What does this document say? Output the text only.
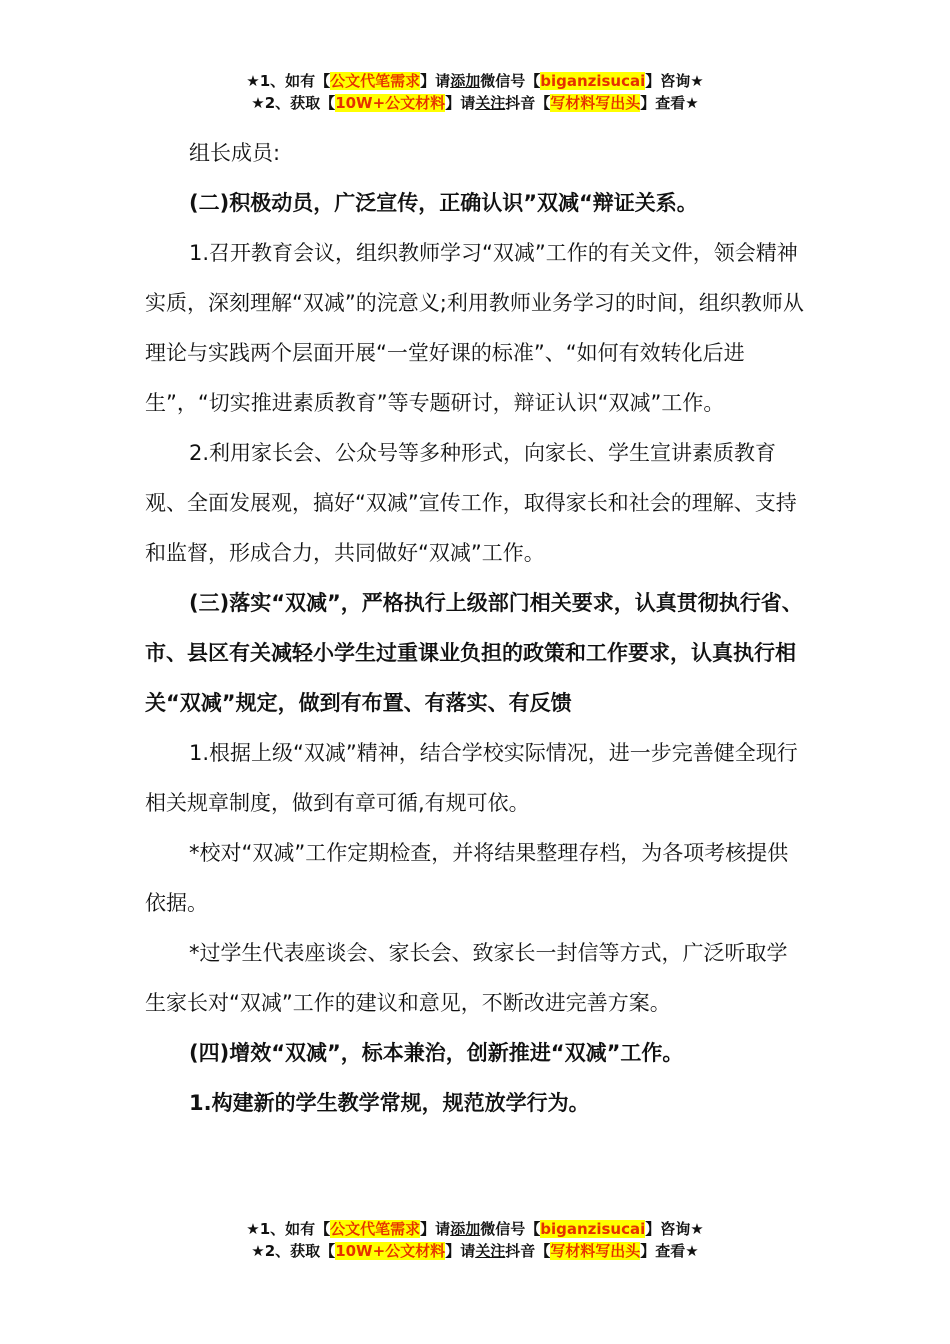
★1、如有【公文代笔需求】请添加微信号【biganzisucai】咨询★
★2、获取【10W+公文材料】请关注抖音【写材料写出头】查看★

组长成员:

(二)积极动员，广泛宣传，正确认识”双减“辩证关系。

1.召开教育会议，组织教师学习“双减”工作的有关文件，领会精神实质，深刻理解“双减”的浣意义;利用教师业务学习的时间，组织教师从理论与实践两个层面开展“一堂好课的标准”、“如何有效转化后进生”，“切实推进素质教育”等专题研讨，辩证认识“双减”工作。

2.利用家长会、公众号等多种形式，向家长、学生宣讲素质教育观、全面发展观，搞好“双减”宣传工作，取得家长和社会的理解、支持和监督，形成合力，共同做好“双减”工作。

(三)落实“双减”，严格执行上级部门相关要求，认真贯彻执行省、市、县区有关减轻小学生过重课业负担的政策和工作要求，认真执行相关“双减”规定，做到有布置、有落实、有反馈

1.根据上级“双减”精神，结合学校实际情况，进一步完善健全现行相关规章制度，做到有章可循,有规可依。

*校对“双减”工作定期检查，并将结果整理存档，为各项考核提供依据。

*过学生代表座谈会、家长会、致家长一封信等方式，广泛听取学生家长对“双减”工作的建议和意见，不断改进完善方案。

(四)增效“双减”，标本兼治，创新推进“双减”工作。

1.构建新的学生教学常规，规范放学行为。

★1、如有【公文代笔需求】请添加微信号【biganzisucai】咨询★
★2、获取【10W+公文材料】请关注抖音【写材料写出头】查看★
